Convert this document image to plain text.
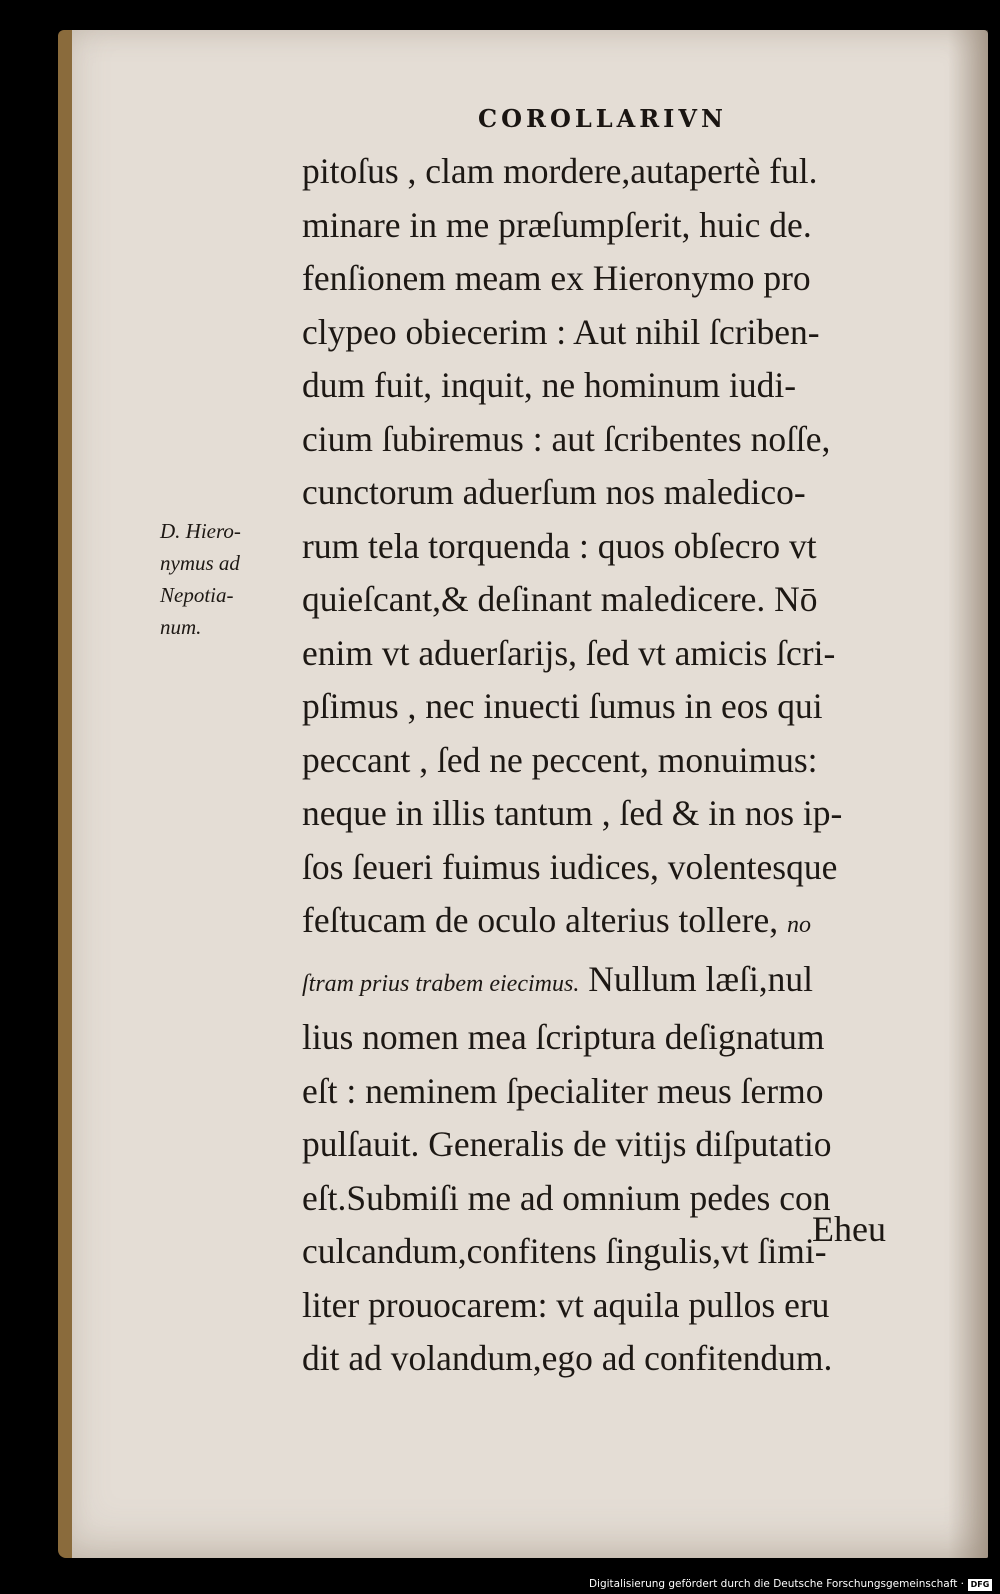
COROLLARIVN
D. Hiero-
nymus ad
Nepotia-
num.
pitoſus , clam mordere,autapertè ful.
minare in me præſumpſerit, huic de.
fenſionem meam ex Hieronymo pro
clypeo obiecerim : Aut nihil ſcriben-
dum fuit, inquit, ne hominum iudi-
cium ſubiremus : aut ſcribentes noſſe,
cunctorum aduerſum nos maledico-
rum tela torquenda : quos obſecro vt
quieſcant,& deſinant maledicere. Nō
enim vt aduerſarijs, ſed vt amicis ſcri-
pſimus , nec inuecti ſumus in eos qui
peccant , ſed ne peccent, monuimus:
neque in illis tantum , ſed & in nos ip-
ſos ſeueri fuimus iudices, volentesque
feſtucam de oculo alterius tollere, no
ſtram prius trabem eiecimus. Nullum læſi,nul
lius nomen mea ſcriptura deſignatum
eſt : neminem ſpecialiter meus ſermo
pulſauit. Generalis de vitijs diſputatio
eſt.Submiſi me ad omnium pedes con
culcandum,confitens ſingulis,vt ſimi-
liter prouocarem: vt aquila pullos eru
dit ad volandum,ego ad confitendum.
Eheu
Digitalisierung gefördert durch die Deutsche Forschungsgemeinschaft · DFG
